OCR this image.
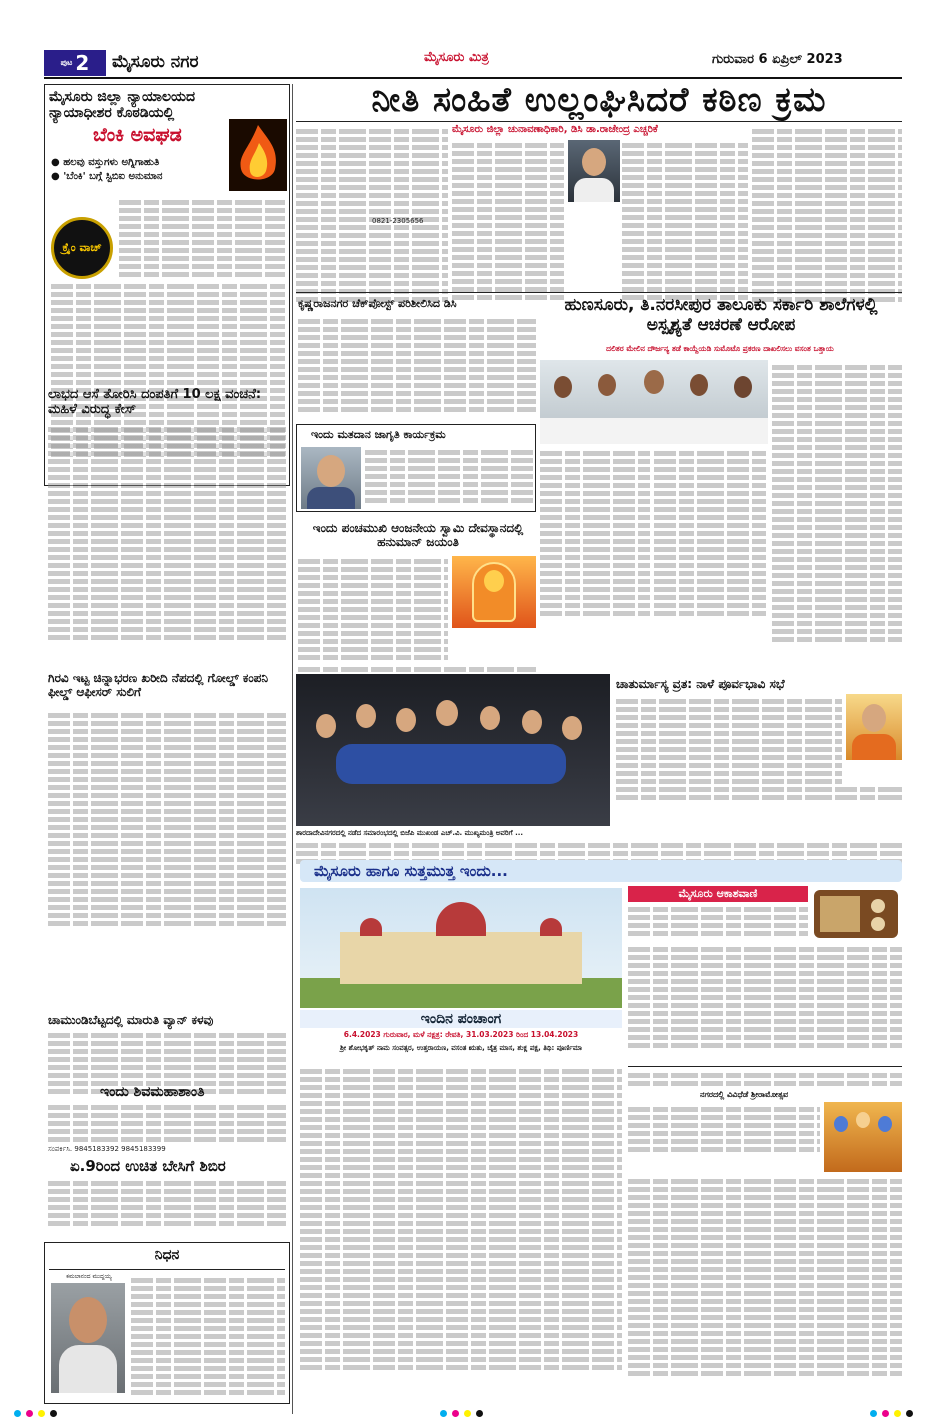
ಪುಟ 2 ಮೈಸೂರು ನಗರ	ಮೈಸೂರು ಮಿತ್ರ	ಗುರುವಾರ 6 ಏಪ್ರಿಲ್ 2023
ಮೈಸೂರು ಜಿಲ್ಲಾ ನ್ಯಾಯಾಲಯದ ನ್ಯಾಯಾಧೀಶರ ಕೊಠಡಿಯಲ್ಲಿ
ಬೆಂಕಿ ಅವಘಡ
● ಹಲವು ವಸ್ತುಗಳು ಅಗ್ನಿಗಾಹುತಿ
● 'ಬೆಂಕಿ' ಬಗ್ಗೆ ಸ್ಟಿಬಿಐ ಅನುಮಾನ
ಕ್ರೈಂ ವಾಚ್
ಲಾಭದ ಆಸೆ ತೋರಿಸಿ ದಂಪತಿಗೆ 10 ಲಕ್ಷ ವಂಚನೆ: ಮಹಿಳೆ ವಿರುದ್ಧ ಕೇಸ್
ಗಿರವಿ ಇಟ್ಟ ಚಿನ್ನಾಭರಣ ಖರೀದಿ ನೆಪದಲ್ಲಿ ಗೋಲ್ಡ್ ಕಂಪನಿ ಫೀಲ್ಡ್ ಆಫೀಸರ್ ಸುಲಿಗೆ
ಚಾಮುಂಡಿಬೆಟ್ಟದಲ್ಲಿ ಮಾರುತಿ ವ್ಯಾನ್ ಕಳವು
ಇಂದು ಶಿವಮಹಾಶಾಂತಿ
ಸಂಪರ್ಕಿಸಿ. 9845183392 9845183399
ಏ.9ರಿಂದ ಉಚಿತ ಬೇಸಿಗೆ ಶಿಬಿರ
ನಿಧನ
ಕಮಲಾನಂದ ಮುದ್ದಯ್ಯ
ನೀತಿ ಸಂಹಿತೆ ಉಲ್ಲಂಘಿಸಿದರೆ ಕಠಿಣ ಕ್ರಮ
0821-2305656
ಮೈಸೂರು ಜಿಲ್ಲಾ ಚುನಾವಣಾಧಿಕಾರಿ, ಡಿಸಿ ಡಾ.ರಾಜೇಂದ್ರ ಎಚ್ಚರಿಕೆ
ಕೃಷ್ಣರಾಜನಗರ ಚೆಕ್‌ಪೋಸ್ಟ್ ಪರಿಶೀಲಿಸಿದ ಡಿಸಿ
ಇಂದು ಮತದಾನ ಜಾಗೃತಿ ಕಾರ್ಯಕ್ರಮ
ಇಂದು ಪಂಚಮುಖಿ ಆಂಜನೇಯ ಸ್ವಾಮಿ ದೇವಸ್ಥಾನದಲ್ಲಿ ಹನುಮಾನ್ ಜಯಂತಿ
ಹುಣಸೂರು, ತಿ.ನರಸೀಪುರ ತಾಲೂಕು ಸರ್ಕಾರಿ ಶಾಲೆಗಳಲ್ಲಿ ಅಸ್ಪೃಶ್ಯತೆ ಆಚರಣೆ ಆರೋಪ
ದಲಿತರ ಮೇಲಿನ ದೌರ್ಜನ್ಯ ತಡೆ ಕಾಯ್ದೆಯಡಿ ಸುಮೊಟೊ ಪ್ರಕರಣ ದಾಖಲಿಸಲು ವಸಂತ ಒತ್ತಾಯ
ಶಾರದಾದೇವಿನಗರದಲ್ಲಿ ನಡೆದ ಸಮಾರಂಭದಲ್ಲಿ ಬಿಜೆಪಿ ಮುಖಂಡ ಎಚ್.ವಿ. ಮುಖ್ಯಮಂತ್ರಿ ಅವರಿಗೆ ...
ಚಾತುರ್ಮಾಸ್ಯ ವ್ರತ: ನಾಳೆ ಪೂರ್ವಭಾವಿ ಸಭೆ
ಮೈಸೂರು ಹಾಗೂ ಸುತ್ತಮುತ್ತ ಇಂದು...
ಇಂದಿನ ಪಂಚಾಂಗ
6.4.2023 ಗುರುವಾರ, ಮಳೆ ನಕ್ಷತ್ರ: ರೇವತಿ, 31.03.2023 ರಿಂದ 13.04.2023
ಶ್ರೀ ಶೋಭಕೃತ್ ನಾಮ ಸಂವತ್ಸರ, ಉತ್ತರಾಯಣ, ವಸಂತ ಋತು, ಚೈತ್ರ ಮಾಸ, ಶುಕ್ಲ ಪಕ್ಷ, ತಿಥಿ: ಪೂರ್ಣಿಮಾ
ಮೈಸೂರು ಆಕಾಶವಾಣಿ
ನಗರದಲ್ಲಿ ವಿವಿಧೆಡೆ ಶ್ರೀರಾಮೋತ್ಸವ
